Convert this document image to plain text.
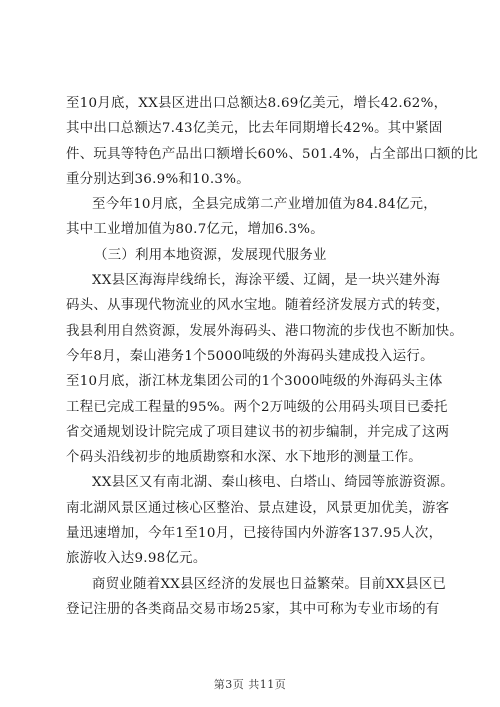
至10月底，XX县区进出口总额达8.69亿美元，增长42.62%，
其中出口总额达7.43亿美元，比去年同期增长42%。其中紧固
件、玩具等特色产品出口额增长60%、501.4%，占全部出口额的比
重分别达到36.9%和10.3%。
至今年10月底，全县完成第二产业增加值为84.84亿元，
其中工业增加值为80.7亿元，增加6.3%。
（三）利用本地资源，发展现代服务业
XX县区海海岸线绵长，海涂平缓、辽阔，是一块兴建外海
码头、从事现代物流业的风水宝地。随着经济发展方式的转变，
我县利用自然资源，发展外海码头、港口物流的步伐也不断加快。
今年8月，秦山港务1个5000吨级的外海码头建成投入运行。
至10月底，浙江林龙集团公司的1个3000吨级的外海码头主体
工程已完成工程量的95%。两个2万吨级的公用码头项目已委托
省交通规划设计院完成了项目建议书的初步编制，并完成了这两
个码头沿线初步的地质勘察和水深、水下地形的测量工作。
XX县区又有南北湖、秦山核电、白塔山、绮园等旅游资源。
南北湖风景区通过核心区整治、景点建设，风景更加优美，游客
量迅速增加，今年1至10月，已接待国内外游客137.95人次，
旅游收入达9.98亿元。
商贸业随着XX县区经济的发展也日益繁荣。目前XX县区已
登记注册的各类商品交易市场25家，其中可称为专业市场的有
第3页 共11页
